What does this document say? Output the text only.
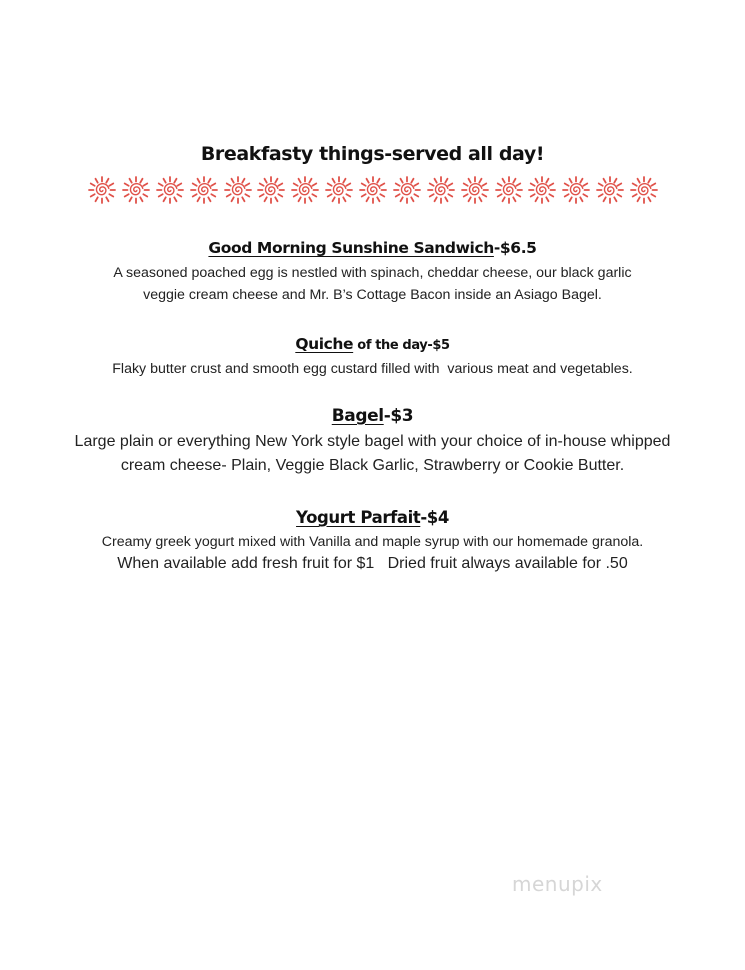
Breakfasty things-served all day!
Good Morning Sunshine Sandwich-$6.5
A seasoned poached egg is nestled with spinach, cheddar cheese, our black garlic
veggie cream cheese and Mr. B’s Cottage Bacon inside an Asiago Bagel.
Quiche of the day-$5
Flaky butter crust and smooth egg custard filled with  various meat and vegetables.
Bagel-$3
Large plain or everything New York style bagel with your choice of in-house whipped
cream cheese- Plain, Veggie Black Garlic, Strawberry or Cookie Butter.
Yogurt Parfait-$4
Creamy greek yogurt mixed with Vanilla and maple syrup with our homemade granola.
When available add fresh fruit for $1   Dried fruit always available for .50
menupix
